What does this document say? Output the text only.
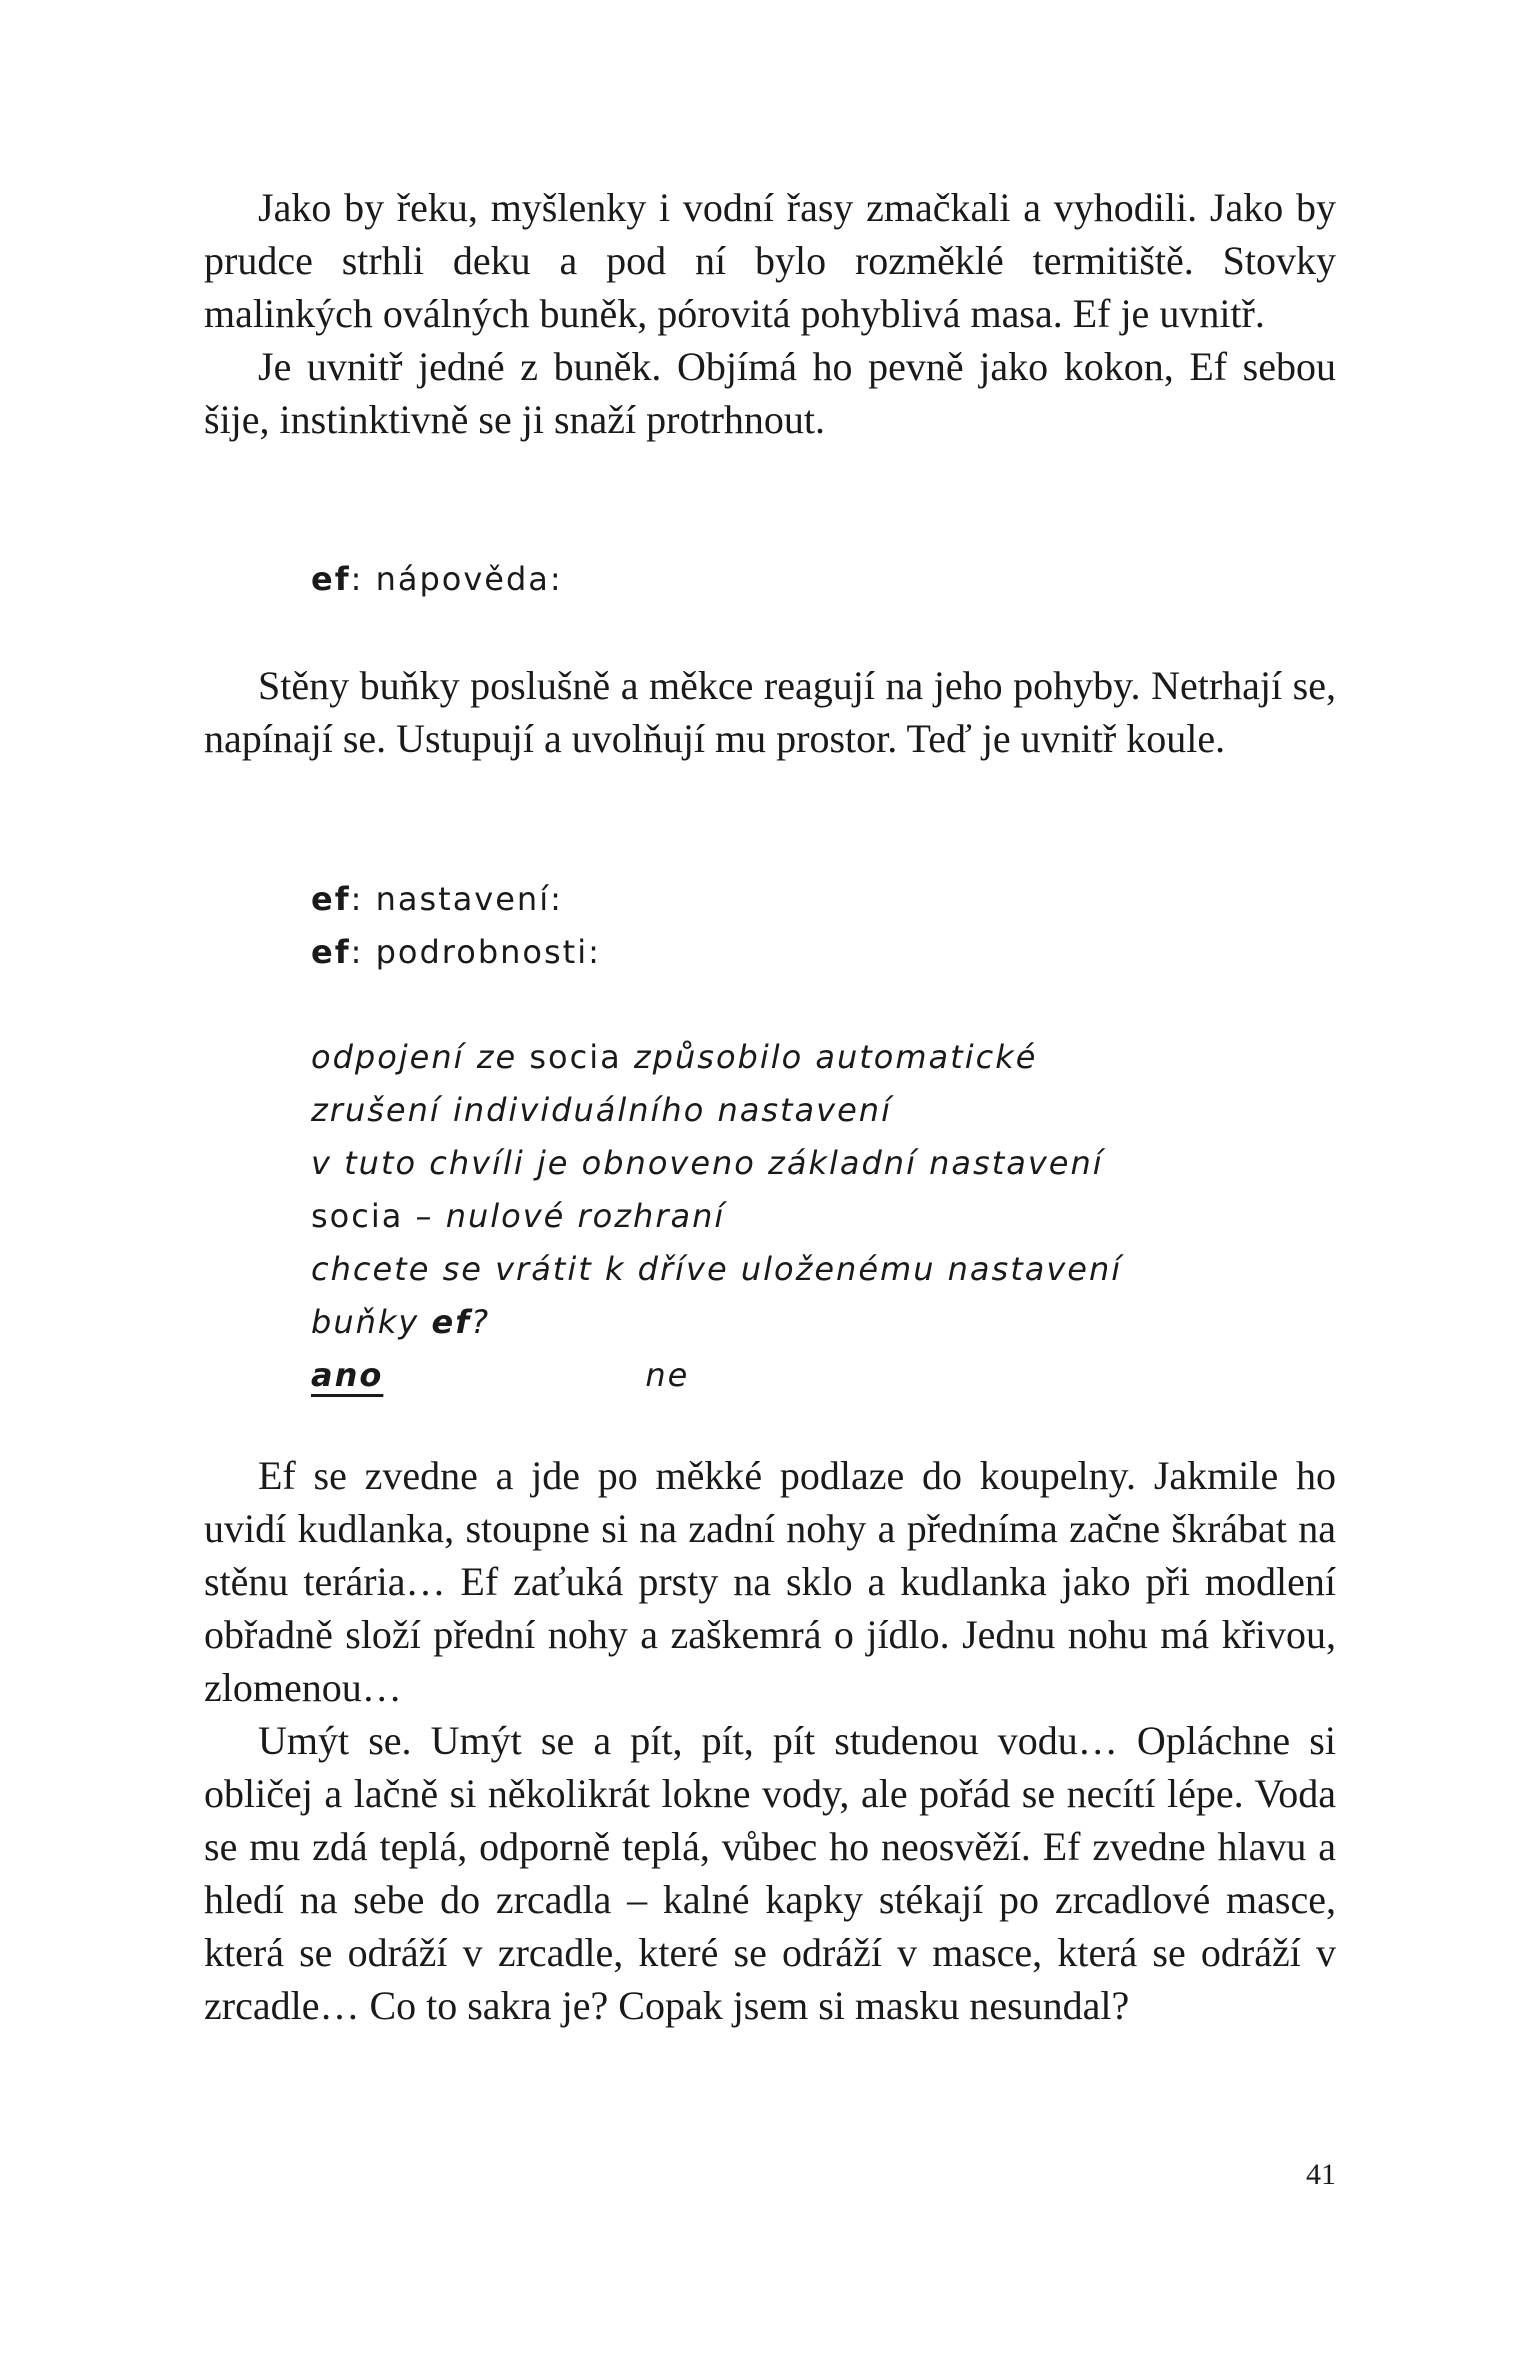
Jako by řeku, myšlenky i vodní řasy zmačkali a vyhodili. Jako by prudce strhli deku a pod ní bylo rozměklé termitiště. Stovky malinkých oválných buněk, pórovitá pohyblivá masa. Ef je uvnitř.

Je uvnitř jedné z buněk. Objímá ho pevně jako kokon, Ef sebou šije, instinktivně se ji snaží protrhnout.

ef: nápověda:

Stěny buňky poslušně a měkce reagují na jeho pohyby. Netrhají se, napínají se. Ustupují a uvolňují mu prostor. Teď je uvnitř koule.

ef: nastavení:
ef: podrobnosti:
odpojení ze socia způsobilo automatické
zrušení individuálního nastavení
v tuto chvíli je obnoveno základní nastavení
socia – nulové rozhraní
chcete se vrátit k dříve uloženému nastavení
buňky ef?
ano	ne

Ef se zvedne a jde po měkké podlaze do koupelny. Jakmile ho uvidí kudlanka, stoupne si na zadní nohy a předníma začne škrábat na stěnu terária… Ef zaťuká prsty na sklo a kudlanka jako při modlení obřadně složí přední nohy a zaškemrá o jídlo. Jednu nohu má křivou, zlomenou…

Umýt se. Umýt se a pít, pít, pít studenou vodu… Opláchne si obličej a lačně si několikrát lokne vody, ale pořád se necítí lépe. Voda se mu zdá teplá, odporně teplá, vůbec ho neosvěží. Ef zvedne hlavu a hledí na sebe do zrcadla – kalné kapky stékají po zrcadlové masce, která se odráží v zrcadle, které se odráží v masce, která se odráží v zrcadle… Co to sakra je? Copak jsem si masku nesundal?

41
